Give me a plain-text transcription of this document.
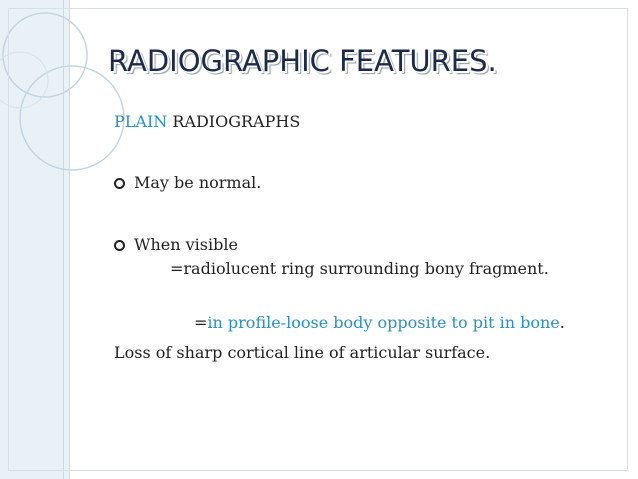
RADIOGRAPHIC FEATURES.
PLAIN RADIOGRAPHS
May be normal.
When visible
=radiolucent ring surrounding bony fragment.
=in profile-loose body opposite to pit in bone.
Loss of sharp cortical line of articular surface.
